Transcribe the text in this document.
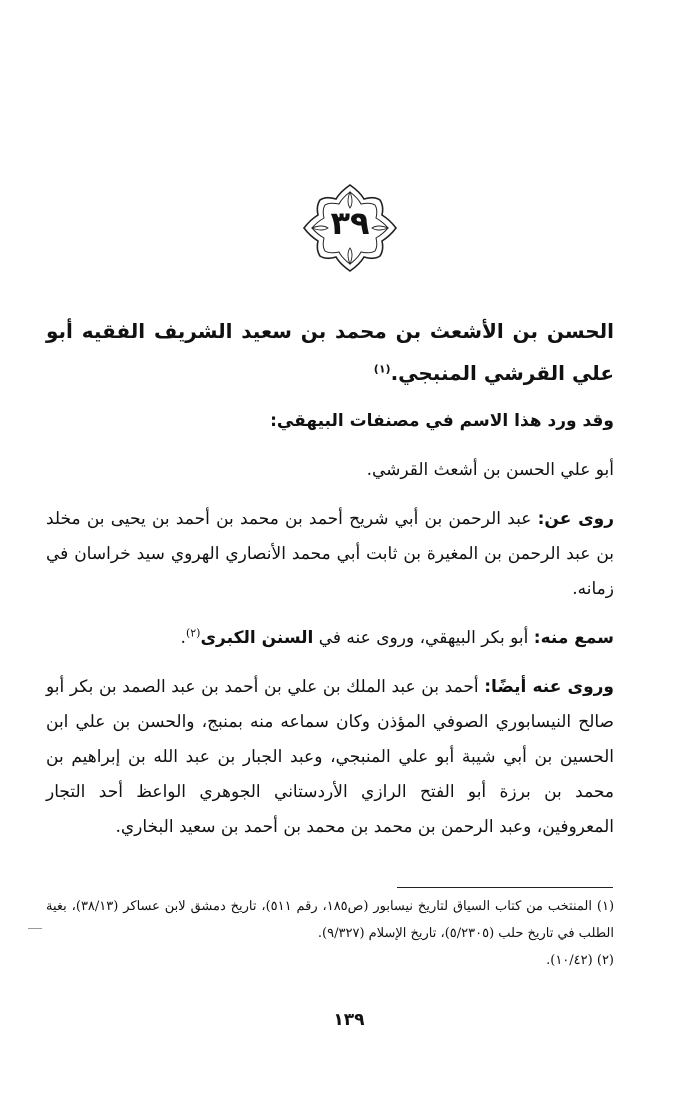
٣٩
الحسن بن الأشعث بن محمد بن سعيد الشريف الفقيه أبو علي القرشي المنبجي.$^{(١)}$
وقد ورد هذا الاسم في مصنفات البيهقي:
أبو علي الحسن بن أشعث القرشي.
روى عن: عبد الرحمن بن أبي شريح أحمد بن محمد بن أحمد بن يحيى بن مخلد بن عبد الرحمن بن المغيرة بن ثابت أبي محمد الأنصاري الهروي سيد خراسان في زمانه.
سمع منه: أبو بكر البيهقي، وروى عنه في السنن الكبرى$^{(٢)}$.
وروى عنه أيضًا: أحمد بن عبد الملك بن علي بن أحمد بن عبد الصمد بن بكر أبو صالح النيسابوري الصوفي المؤذن وكان سماعه منه بمنبج، والحسن بن علي ابن الحسين بن أبي شيبة أبو علي المنبجي، وعبد الجبار بن عبد الله بن إبراهيم بن محمد بن برزة أبو الفتح الرازي الأردستاني الجوهري الواعظ أحد التجار المعروفين، وعبد الرحمن بن محمد بن محمد بن أحمد بن سعيد البخاري.
(١) المنتخب من كتاب السياق لتاريخ نيسابور (ص١٨٥، رقم ٥١١)، تاريخ دمشق لابن عساكر (٣٨/١٣)، بغية الطلب في تاريخ حلب (٥/٢٣٠٥)، تاريخ الإسلام (٩/٣٢٧).
(٢) (١٠/٤٢).
١٣٩
